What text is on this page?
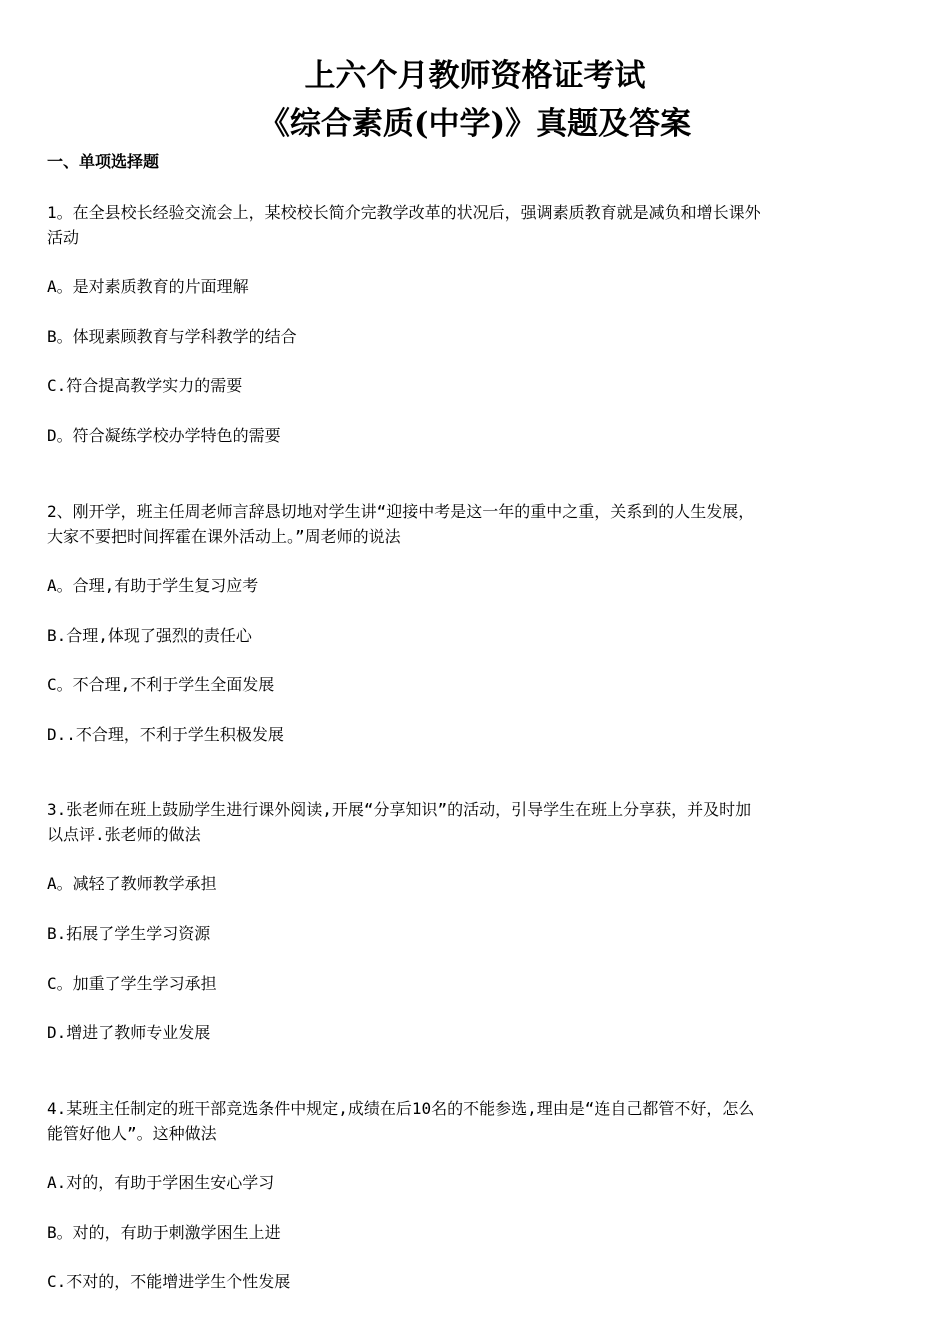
上六个月教师资格证考试
《综合素质(中学)》真题及答案
一、单项选择题
1。在全县校长经验交流会上，某校校长简介完教学改革的状况后，强调素质教育就是减负和增长课外
活动
A。是对素质教育的片面理解
B。体现素顾教育与学科教学的结合
C.符合提高教学实力的需要
D。符合凝练学校办学特色的需要
2、刚开学，班主任周老师言辞恳切地对学生讲“迎接中考是这一年的重中之重，关系到的人生发展，
大家不要把时间挥霍在课外活动上。”周老师的说法
A。合理,有助于学生复习应考
B.合理,体现了强烈的责任心
C。不合理,不利于学生全面发展
D..不合理，不利于学生积极发展
3.张老师在班上鼓励学生进行课外阅读,开展“分享知识”的活动，引导学生在班上分享获，并及时加
以点评.张老师的做法
A。减轻了教师教学承担
B.拓展了学生学习资源
C。加重了学生学习承担
D.增进了教师专业发展
4.某班主任制定的班干部竞选条件中规定,成绩在后10名的不能参选,理由是“连自己都管不好，怎么
能管好他人”。这种做法
A.对的，有助于学困生安心学习
B。对的，有助于刺激学困生上进
C.不对的，不能增进学生个性发展
